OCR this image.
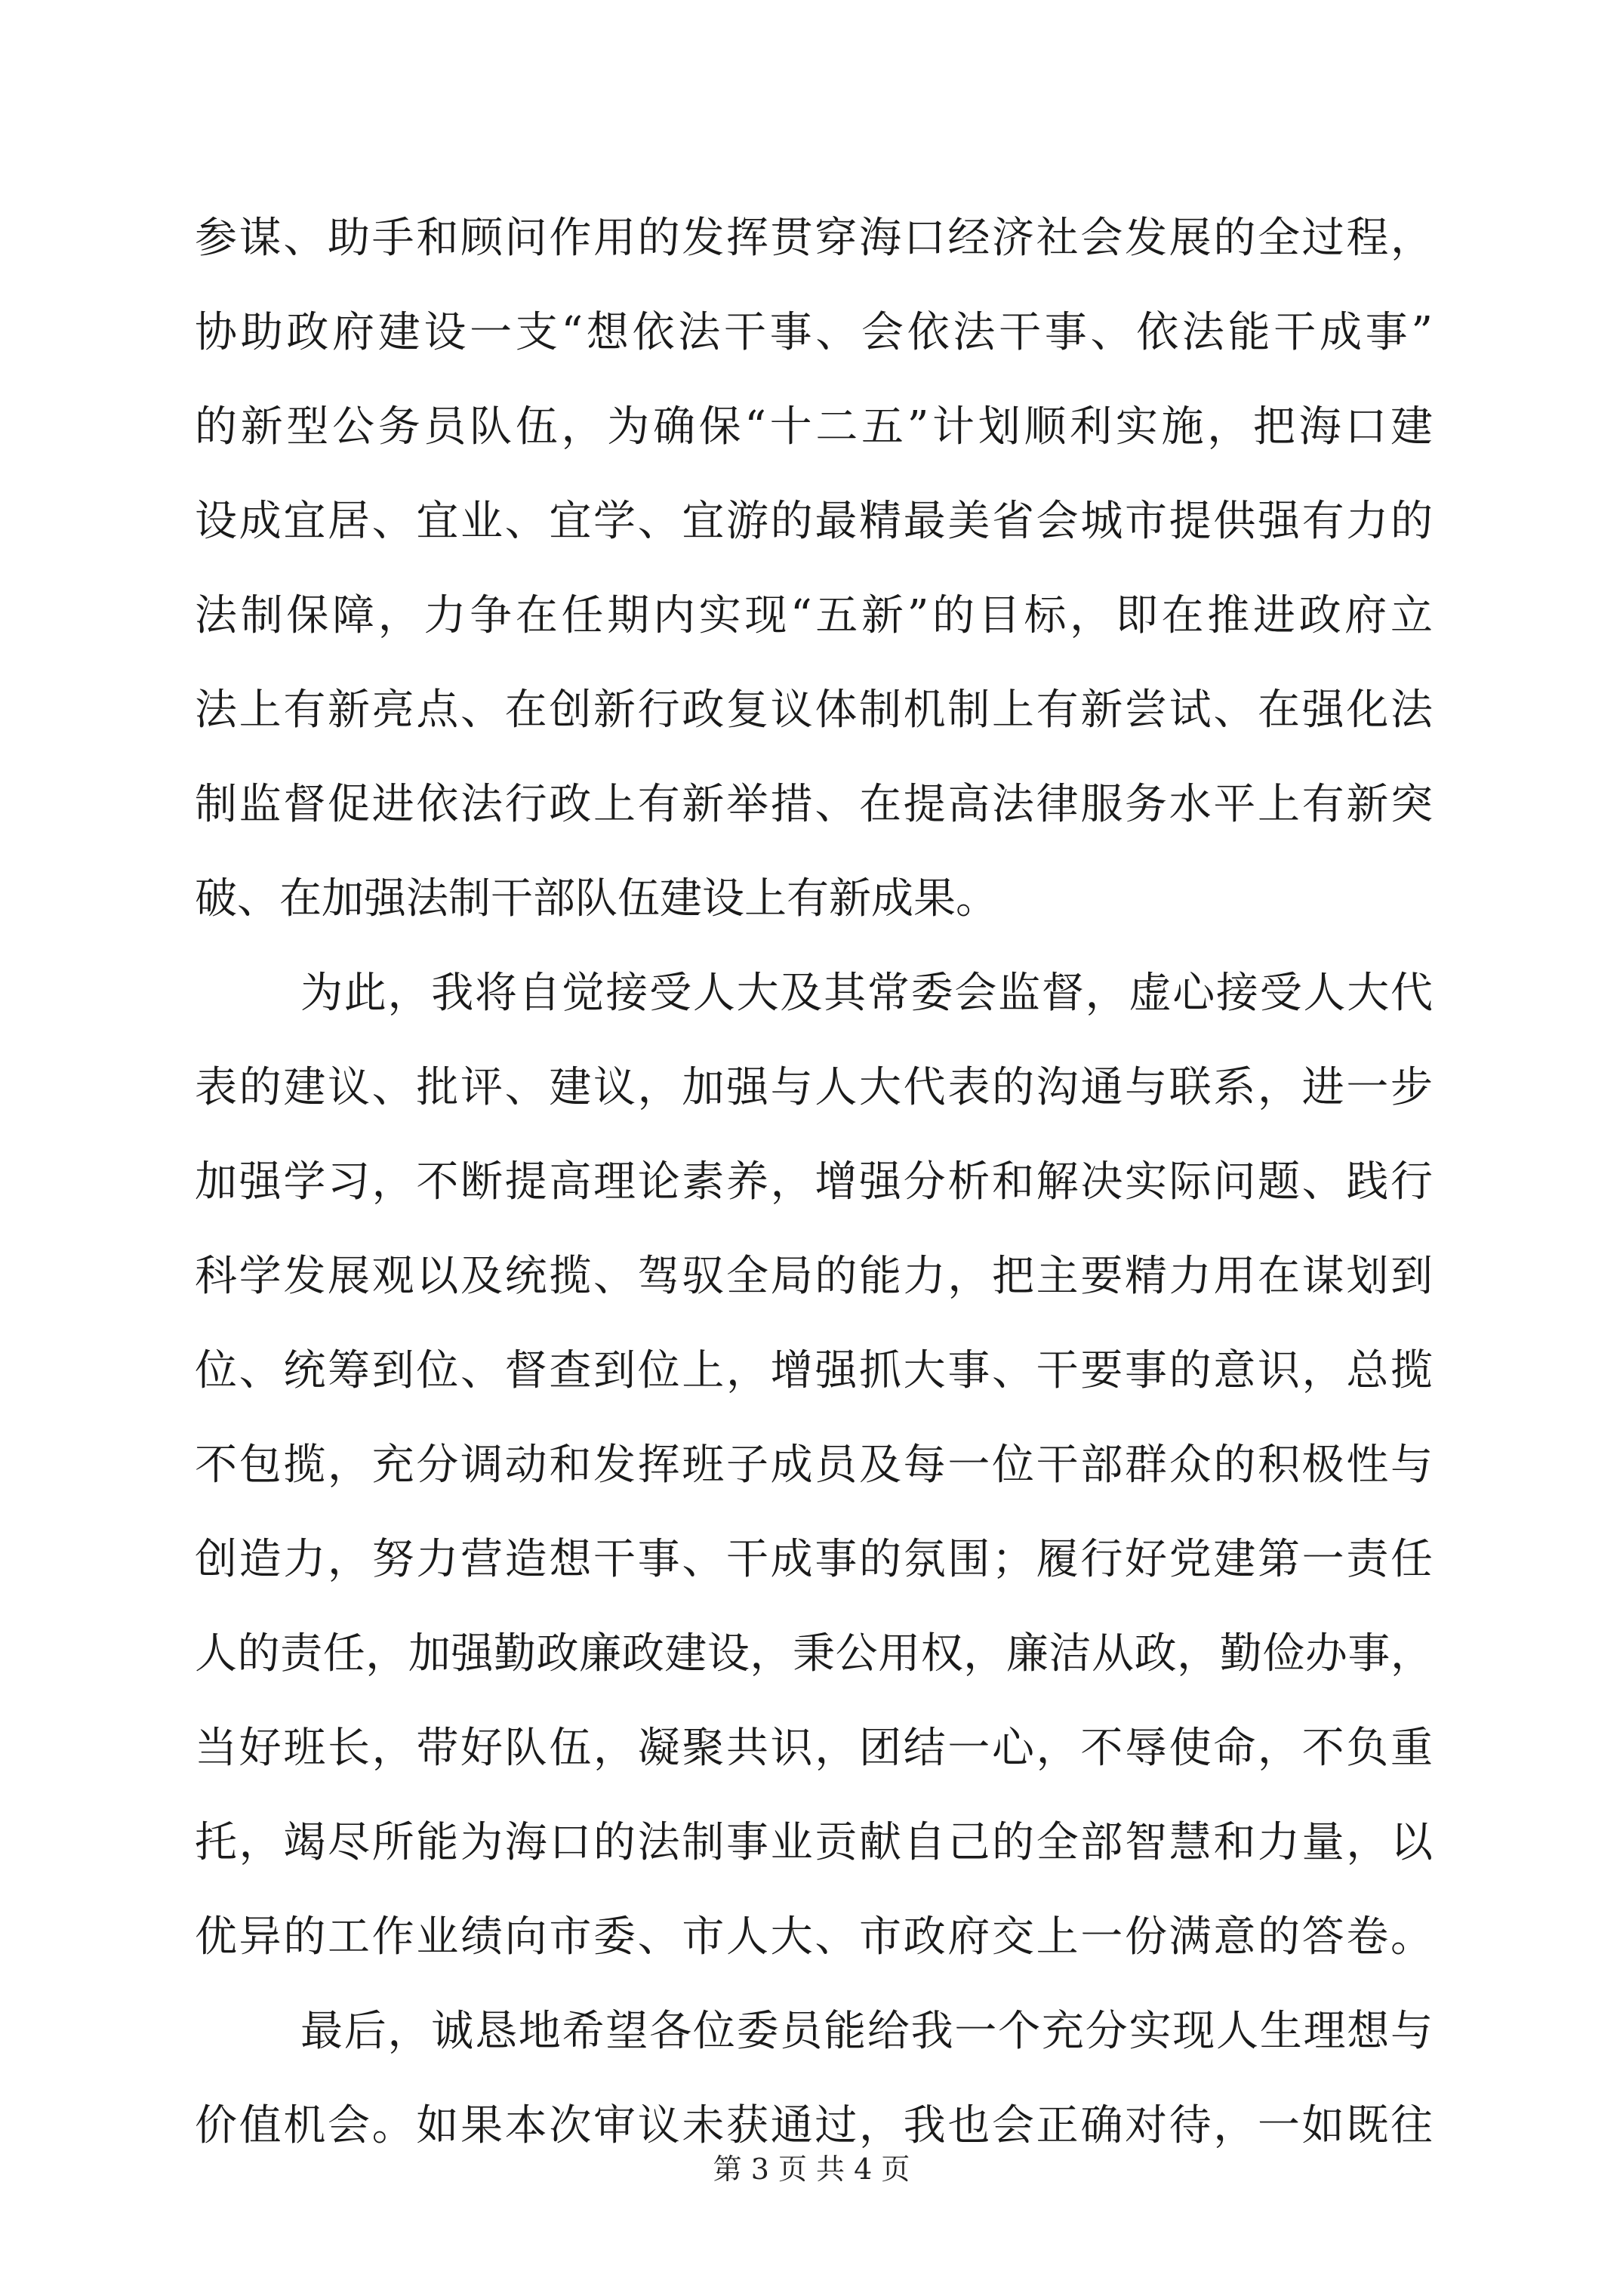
参谋、助手和顾问作用的发挥贯穿海口经济社会发展的全过程，
协助政府建设一支“想依法干事、会依法干事、依法能干成事”
的新型公务员队伍，为确保“十二五”计划顺利实施，把海口建
设成宜居、宜业、宜学、宜游的最精最美省会城市提供强有力的
法制保障，力争在任期内实现“五新”的目标，即在推进政府立
法上有新亮点、在创新行政复议体制机制上有新尝试、在强化法
制监督促进依法行政上有新举措、在提高法律服务水平上有新突
破、在加强法制干部队伍建设上有新成果。
为此，我将自觉接受人大及其常委会监督，虚心接受人大代
表的建议、批评、建议，加强与人大代表的沟通与联系，进一步
加强学习，不断提高理论素养，增强分析和解决实际问题、践行
科学发展观以及统揽、驾驭全局的能力，把主要精力用在谋划到
位、统筹到位、督查到位上，增强抓大事、干要事的意识，总揽
不包揽，充分调动和发挥班子成员及每一位干部群众的积极性与
创造力，努力营造想干事、干成事的氛围；履行好党建第一责任
人的责任，加强勤政廉政建设，秉公用权，廉洁从政，勤俭办事，
当好班长，带好队伍，凝聚共识，团结一心，不辱使命，不负重
托，竭尽所能为海口的法制事业贡献自己的全部智慧和力量，以
优异的工作业绩向市委、市人大、市政府交上一份满意的答卷。
最后，诚恳地希望各位委员能给我一个充分实现人生理想与
价值机会。如果本次审议未获通过，我也会正确对待，一如既往
第 3 页 共 4 页
